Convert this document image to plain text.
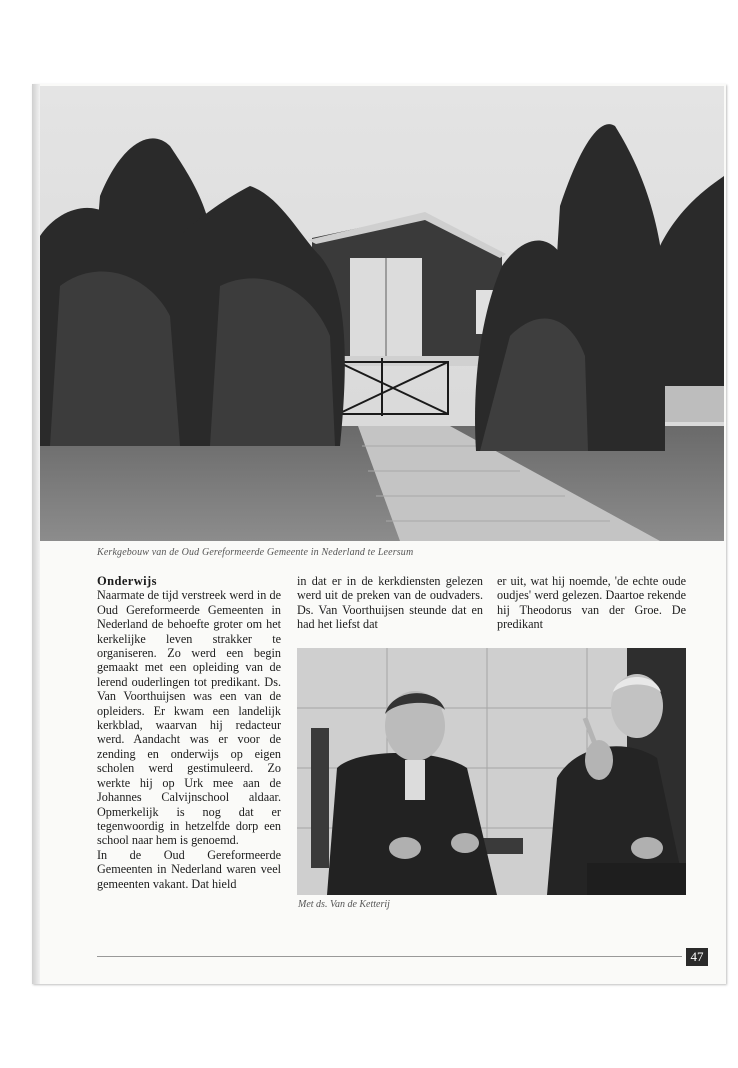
Kerkgebouw van de Oud Gereformeerde Gemeente in Nederland te Leersum
Onderwijs

Naarmate de tijd verstreek werd in de Oud Gereformeerde Gemeenten in Nederland de behoefte groter om het kerkelijke leven strakker te organiseren. Zo werd een begin gemaakt met een opleiding van de lerend ouderlingen tot predikant. Ds. Van Voorthuijsen was een van de opleiders. Er kwam een landelijk kerkblad, waarvan hij redacteur werd. Aandacht was er voor de zending en onderwijs op eigen scholen werd gestimuleerd. Zo werkte hij op Urk mee aan de Johannes Calvijnschool aldaar. Opmerkelijk is nog dat er tegenwoordig in hetzelfde dorp een school naar hem is genoemd.

In de Oud Gereformeerde Gemeenten in Nederland waren veel gemeenten vakant. Dat hield

in dat er in de kerkdiensten gelezen werd uit de preken van de oudvaders. Ds. Van Voorthuijsen steunde dat en had het liefst dat

er uit, wat hij noemde, 'de echte oude oudjes' werd gelezen. Daartoe rekende hij Theodorus van der Groe. De predikant

Met ds. Van de Ketterij
47
